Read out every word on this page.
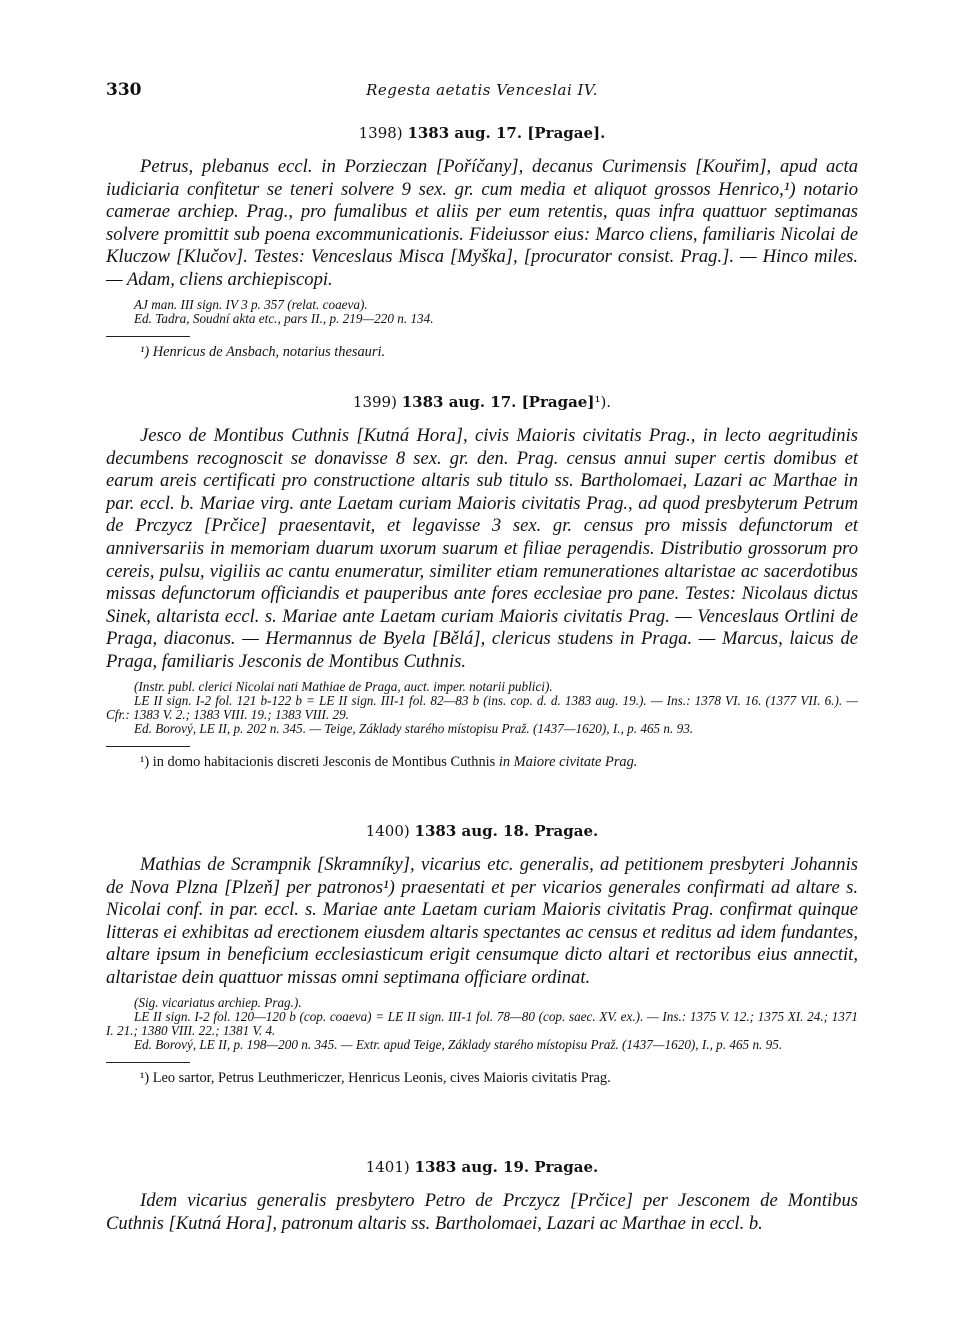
330	Regesta aetatis Venceslai IV.
1398) 1383 aug. 17. [Pragae].

Petrus, plebanus eccl. in Porzieczan [Poříčany], decanus Curimensis [Kouřim], apud acta iudiciaria confitetur se teneri solvere 9 sex. gr. cum media et aliquot grossos Henrico,¹) notario camerae archiep. Prag., pro fumalibus et aliis per eum retentis, quas infra quattuor septimanas solvere promittit sub poena excommunicationis. Fideiussor eius: Marco cliens, familiaris Nicolai de Kluczow [Klučov]. Testes: Venceslaus Misca [Myška], [procurator consist. Prag.]. — Hinco miles. — Adam, cliens archiepiscopi.

AJ man. III sign. IV 3 p. 357 (relat. coaeva).
Ed. Tadra, Soudní akta etc., pars II., p. 219—220 n. 134.

¹) Henricus de Ansbach, notarius thesauri.

1399) 1383 aug. 17. [Pragae]¹).

Jesco de Montibus Cuthnis [Kutná Hora], civis Maioris civitatis Prag., in lecto aegritudinis decumbens recognoscit se donavisse 8 sex. gr. den. Prag. census annui super certis domibus et earum areis certificati pro constructione altaris sub titulo ss. Bartholomaei, Lazari ac Marthae in par. eccl. b. Mariae virg. ante Laetam curiam Maioris civitatis Prag., ad quod presbyterum Petrum de Prczycz [Prčice] praesentavit, et legavisse 3 sex. gr. census pro missis defunctorum et anniversariis in memoriam duarum uxorum suarum et filiae peragendis. Distributio grossorum pro cereis, pulsu, vigiliis ac cantu enumeratur, similiter etiam remunerationes altaristae ac sacerdotibus missas defunctorum officiandis et pauperibus ante fores ecclesiae pro pane. Testes: Nicolaus dictus Sinek, altarista eccl. s. Mariae ante Laetam curiam Maioris civitatis Prag. — Venceslaus Ortlini de Praga, diaconus. — Hermannus de Byela [Bělá], clericus studens in Praga. — Marcus, laicus de Praga, familiaris Jesconis de Montibus Cuthnis.

(Instr. publ. clerici Nicolai nati Mathiae de Praga, auct. imper. notarii publici).
LE II sign. I-2 fol. 121 b-122 b = LE II sign. III-1 fol. 82—83 b (ins. cop. d. d. 1383 aug. 19.). — Ins.: 1378 VI. 16. (1377 VII. 6.). — Cfr.: 1383 V. 2.; 1383 VIII. 19.; 1383 VIII. 29.
Ed. Borový, LE II, p. 202 n. 345. — Teige, Základy starého místopisu Praž. (1437—1620), I., p. 465 n. 93.

¹) in domo habitacionis discreti Jesconis de Montibus Cuthnis in Maiore civitate Prag.

1400) 1383 aug. 18. Pragae.

Mathias de Scrampnik [Skramníky], vicarius etc. generalis, ad petitionem presbyteri Johannis de Nova Plzna [Plzeň] per patronos¹) praesentati et per vicarios generales confirmati ad altare s. Nicolai conf. in par. eccl. s. Mariae ante Laetam curiam Maioris civitatis Prag. confirmat quinque litteras ei exhibitas ad erectionem eiusdem altaris spectantes ac census et reditus ad idem fundantes, altare ipsum in beneficium ecclesiasticum erigit censumque dicto altari et rectoribus eius annectit, altaristae dein quattuor missas omni septimana officiare ordinat.

(Sig. vicariatus archiep. Prag.).
LE II sign. I-2 fol. 120—120 b (cop. coaeva) = LE II sign. III-1 fol. 78—80 (cop. saec. XV. ex.). — Ins.: 1375 V. 12.; 1375 XI. 24.; 1371 I. 21.; 1380 VIII. 22.; 1381 V. 4.
Ed. Borový, LE II, p. 198—200 n. 345. — Extr. apud Teige, Základy starého místopisu Praž. (1437—1620), I., p. 465 n. 95.

¹) Leo sartor, Petrus Leuthmericzer, Henricus Leonis, cives Maioris civitatis Prag.

1401) 1383 aug. 19. Pragae.

Idem vicarius generalis presbytero Petro de Prczycz [Prčice] per Jesconem de Montibus Cuthnis [Kutná Hora], patronum altaris ss. Bartholomaei, Lazari ac Marthae in eccl. b.
